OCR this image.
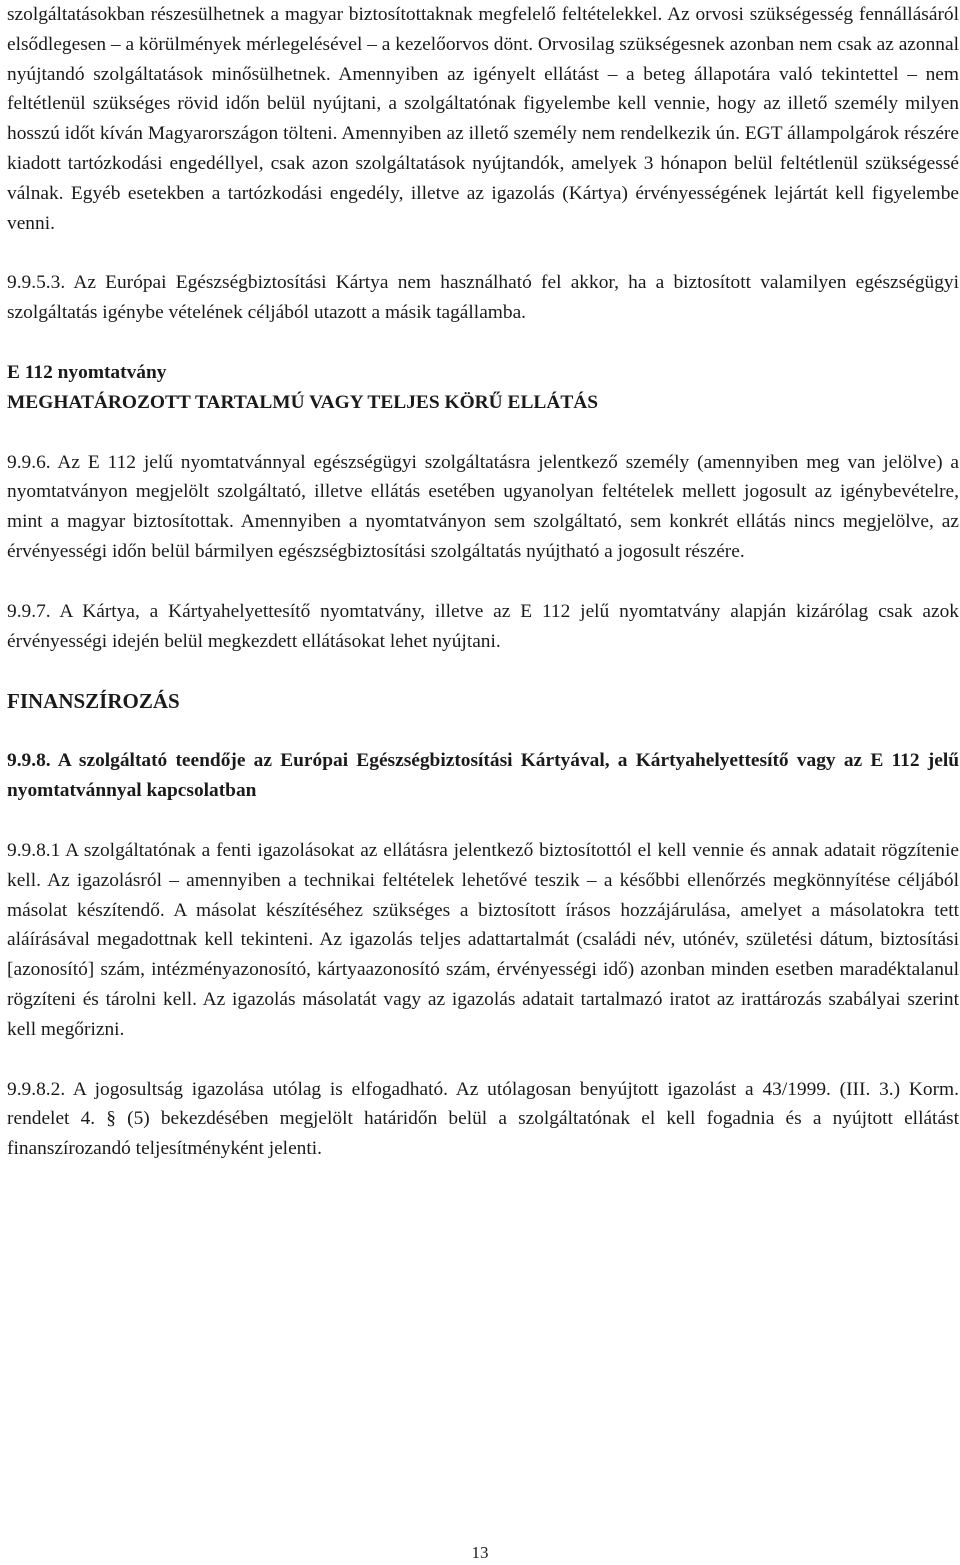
szolgáltatásokban részesülhetnek a magyar biztosítottaknak megfelelő feltételekkel. Az orvosi szükségesség fennállásáról elsődlegesen – a körülmények mérlegelésével – a kezelőorvos dönt. Orvosilag szükségesnek azonban nem csak az azonnal nyújtandó szolgáltatások minősülhetnek. Amennyiben az igényelt ellátást – a beteg állapotára való tekintettel – nem feltétlenül szükséges rövid időn belül nyújtani, a szolgáltatónak figyelembe kell vennie, hogy az illető személy milyen hosszú időt kíván Magyarországon tölteni. Amennyiben az illető személy nem rendelkezik ún. EGT állampolgárok részére kiadott tartózkodási engedéllyel, csak azon szolgáltatások nyújtandók, amelyek 3 hónapon belül feltétlenül szükségessé válnak. Egyéb esetekben a tartózkodási engedély, illetve az igazolás (Kártya) érvényességének lejártát kell figyelembe venni.

9.9.5.3. Az Európai Egészségbiztosítási Kártya nem használható fel akkor, ha a biztosított valamilyen egészségügyi szolgáltatás igénybe vételének céljából utazott a másik tagállamba.

E 112 nyomtatvány
MEGHATÁROZOTT TARTALMÚ VAGY TELJES KÖRŰ ELLÁTÁS

9.9.6. Az E 112 jelű nyomtatvánnyal egészségügyi szolgáltatásra jelentkező személy (amennyiben meg van jelölve) a nyomtatványon megjelölt szolgáltató, illetve ellátás esetében ugyanolyan feltételek mellett jogosult az igénybevételre, mint a magyar biztosítottak. Amennyiben a nyomtatványon sem szolgáltató, sem konkrét ellátás nincs megjelölve, az érvényességi időn belül bármilyen egészségbiztosítási szolgáltatás nyújtható a jogosult részére.

9.9.7. A Kártya, a Kártyahelyettesítő nyomtatvány, illetve az E 112 jelű nyomtatvány alapján kizárólag csak azok érvényességi idején belül megkezdett ellátásokat lehet nyújtani.

FINANSZÍROZÁS

9.9.8. A szolgáltató teendője az Európai Egészségbiztosítási Kártyával, a Kártyahelyettesítő vagy az E 112 jelű nyomtatvánnyal kapcsolatban

9.9.8.1 A szolgáltatónak a fenti igazolásokat az ellátásra jelentkező biztosítottól el kell vennie és annak adatait rögzítenie kell. Az igazolásról – amennyiben a technikai feltételek lehetővé teszik – a későbbi ellenőrzés megkönnyítése céljából másolat készítendő. A másolat készítéséhez szükséges a biztosított írásos hozzájárulása, amelyet a másolatokra tett aláírásával megadottnak kell tekinteni. Az igazolás teljes adattartalmát (családi név, utónév, születési dátum, biztosítási [azonosító] szám, intézményazonosító, kártyaazonosító szám, érvényességi idő) azonban minden esetben maradéktalanul rögzíteni és tárolni kell. Az igazolás másolatát vagy az igazolás adatait tartalmazó iratot az irattározás szabályai szerint kell megőrizni.

9.9.8.2. A jogosultság igazolása utólag is elfogadható. Az utólagosan benyújtott igazolást a 43/1999. (III. 3.) Korm. rendelet 4. § (5) bekezdésében megjelölt határidőn belül a szolgáltatónak el kell fogadnia és a nyújtott ellátást finanszírozandó teljesítményként jelenti.

13
